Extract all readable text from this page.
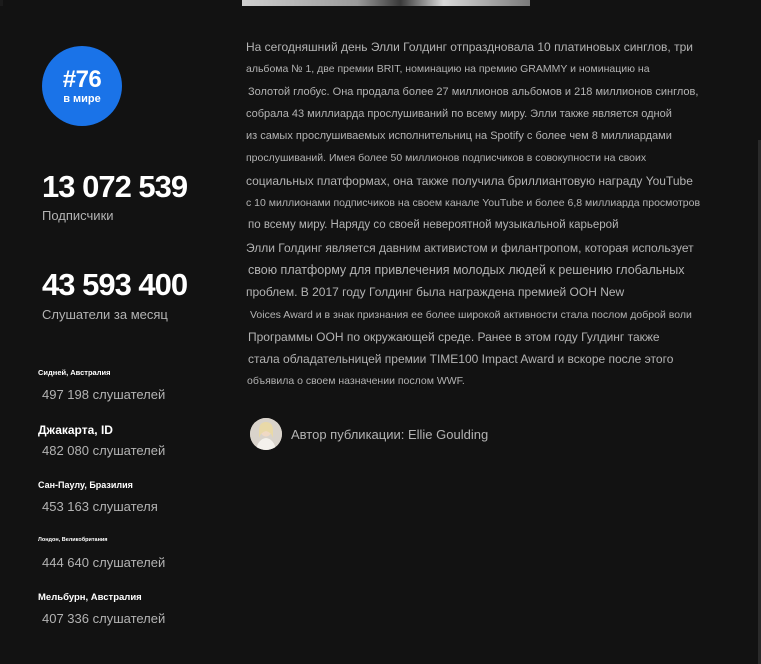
#76
в мире
13 072 539
Подписчики
43 593 400
Слушатели за месяц
Сидней, Австралия
497 198 слушателей
Джакарта, ID
482 080 слушателей
Сан-Паулу, Бразилия
453 163 слушателя
Лондон, Великобритания
444 640 слушателей
Мельбурн, Австралия
407 336 слушателей
На сегодняшний день Элли Голдинг отпраздновала 10 платиновых синглов, три
альбома № 1, две премии BRIT, номинацию на премию GRAMMY и номинацию на
Золотой глобус. Она продала более 27 миллионов альбомов и 218 миллионов синглов,
собрала 43 миллиарда прослушиваний по всему миру. Элли также является одной
из самых прослушиваемых исполнительниц на Spotify с более чем 8 миллиардами
прослушиваний. Имея более 50 миллионов подписчиков в совокупности на своих
социальных платформах, она также получила бриллиантовую награду YouTube
с 10 миллионами подписчиков на своем канале YouTube и более 6,8 миллиарда просмотров
по всему миру. Наряду со своей невероятной музыкальной карьерой
Элли Голдинг является давним активистом и филантропом, которая использует
свою платформу для привлечения молодых людей к решению глобальных
проблем. В 2017 году Голдинг была награждена премией OOH New
Voices Award и в знак признания ее более широкой активности стала послом доброй воли
Программы ООН по окружающей среде. Ранее в этом году Гулдинг также
стала обладательницей премии TIME100 Impact Award и вскоре после этого
объявила о своем назначении послом WWF.
Автор публикации: Ellie Goulding
